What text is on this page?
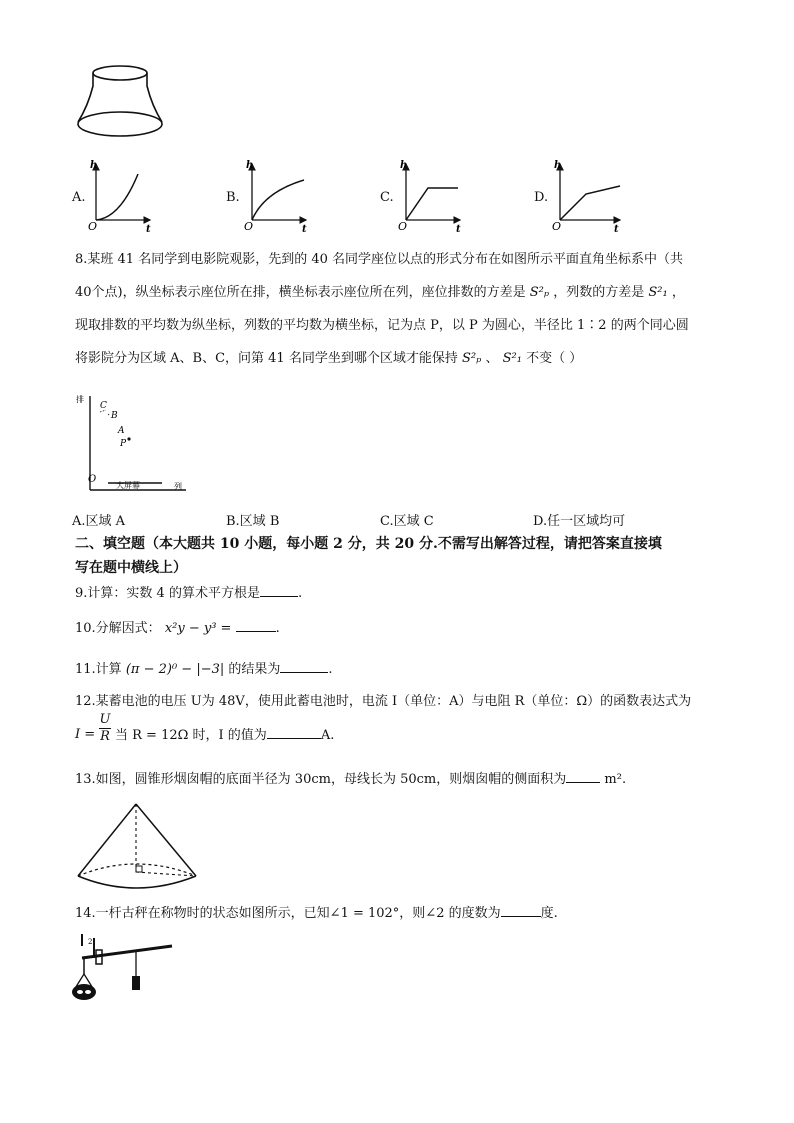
A.
h
t
O
B.
h
t
O
C.
h
t
O
D.
h
t
O
8.某班 41 名同学到电影院观影，先到的 40 名同学座位以点的形式分布在如图所示平面直角坐标系中（共
40个点)，纵坐标表示座位所在排，横坐标表示座位所在列，座位排数的方差是 S²ₚ ，列数的方差是 S²₁ ，
现取排数的平均数为纵坐标，列数的平均数为横坐标，记为点 P，以 P 为圆心，半径比 1∶2 的两个同心圆
将影院分为区域 A、B、C，问第 41 名同学坐到哪个区域才能保持 S²ₚ 、 S²₁ 不变（ ）
排
列
大屏幕
O
C
B
A
P
A.区域 A	B.区域 B	C.区域 C	D.任一区域均可
二、填空题（本大题共 10 小题，每小题 2 分，共 20 分.不需写出解答过程，请把答案直接填
写在题中横线上）
9.计算：实数 4 的算术平方根是	.
10.分解因式： x²y − y³ =	.
11.计算 (π − 2)⁰ − |−3| 的结果为	.
12.某蓄电池的电压 U为 48V，使用此蓄电池时，电流 I（单位：A）与电阻 R（单位：Ω）的函数表达式为
I =
U
R 当 R = 12Ω 时，I 的值为	A.
13.如图，圆锥形烟囱帽的底面半径为 30cm，母线长为 50cm，则烟囱帽的侧面积为	m².
14.一杆古秤在称物时的状态如图所示，已知∠1 = 102°，则∠2 的度数为	度.
2
